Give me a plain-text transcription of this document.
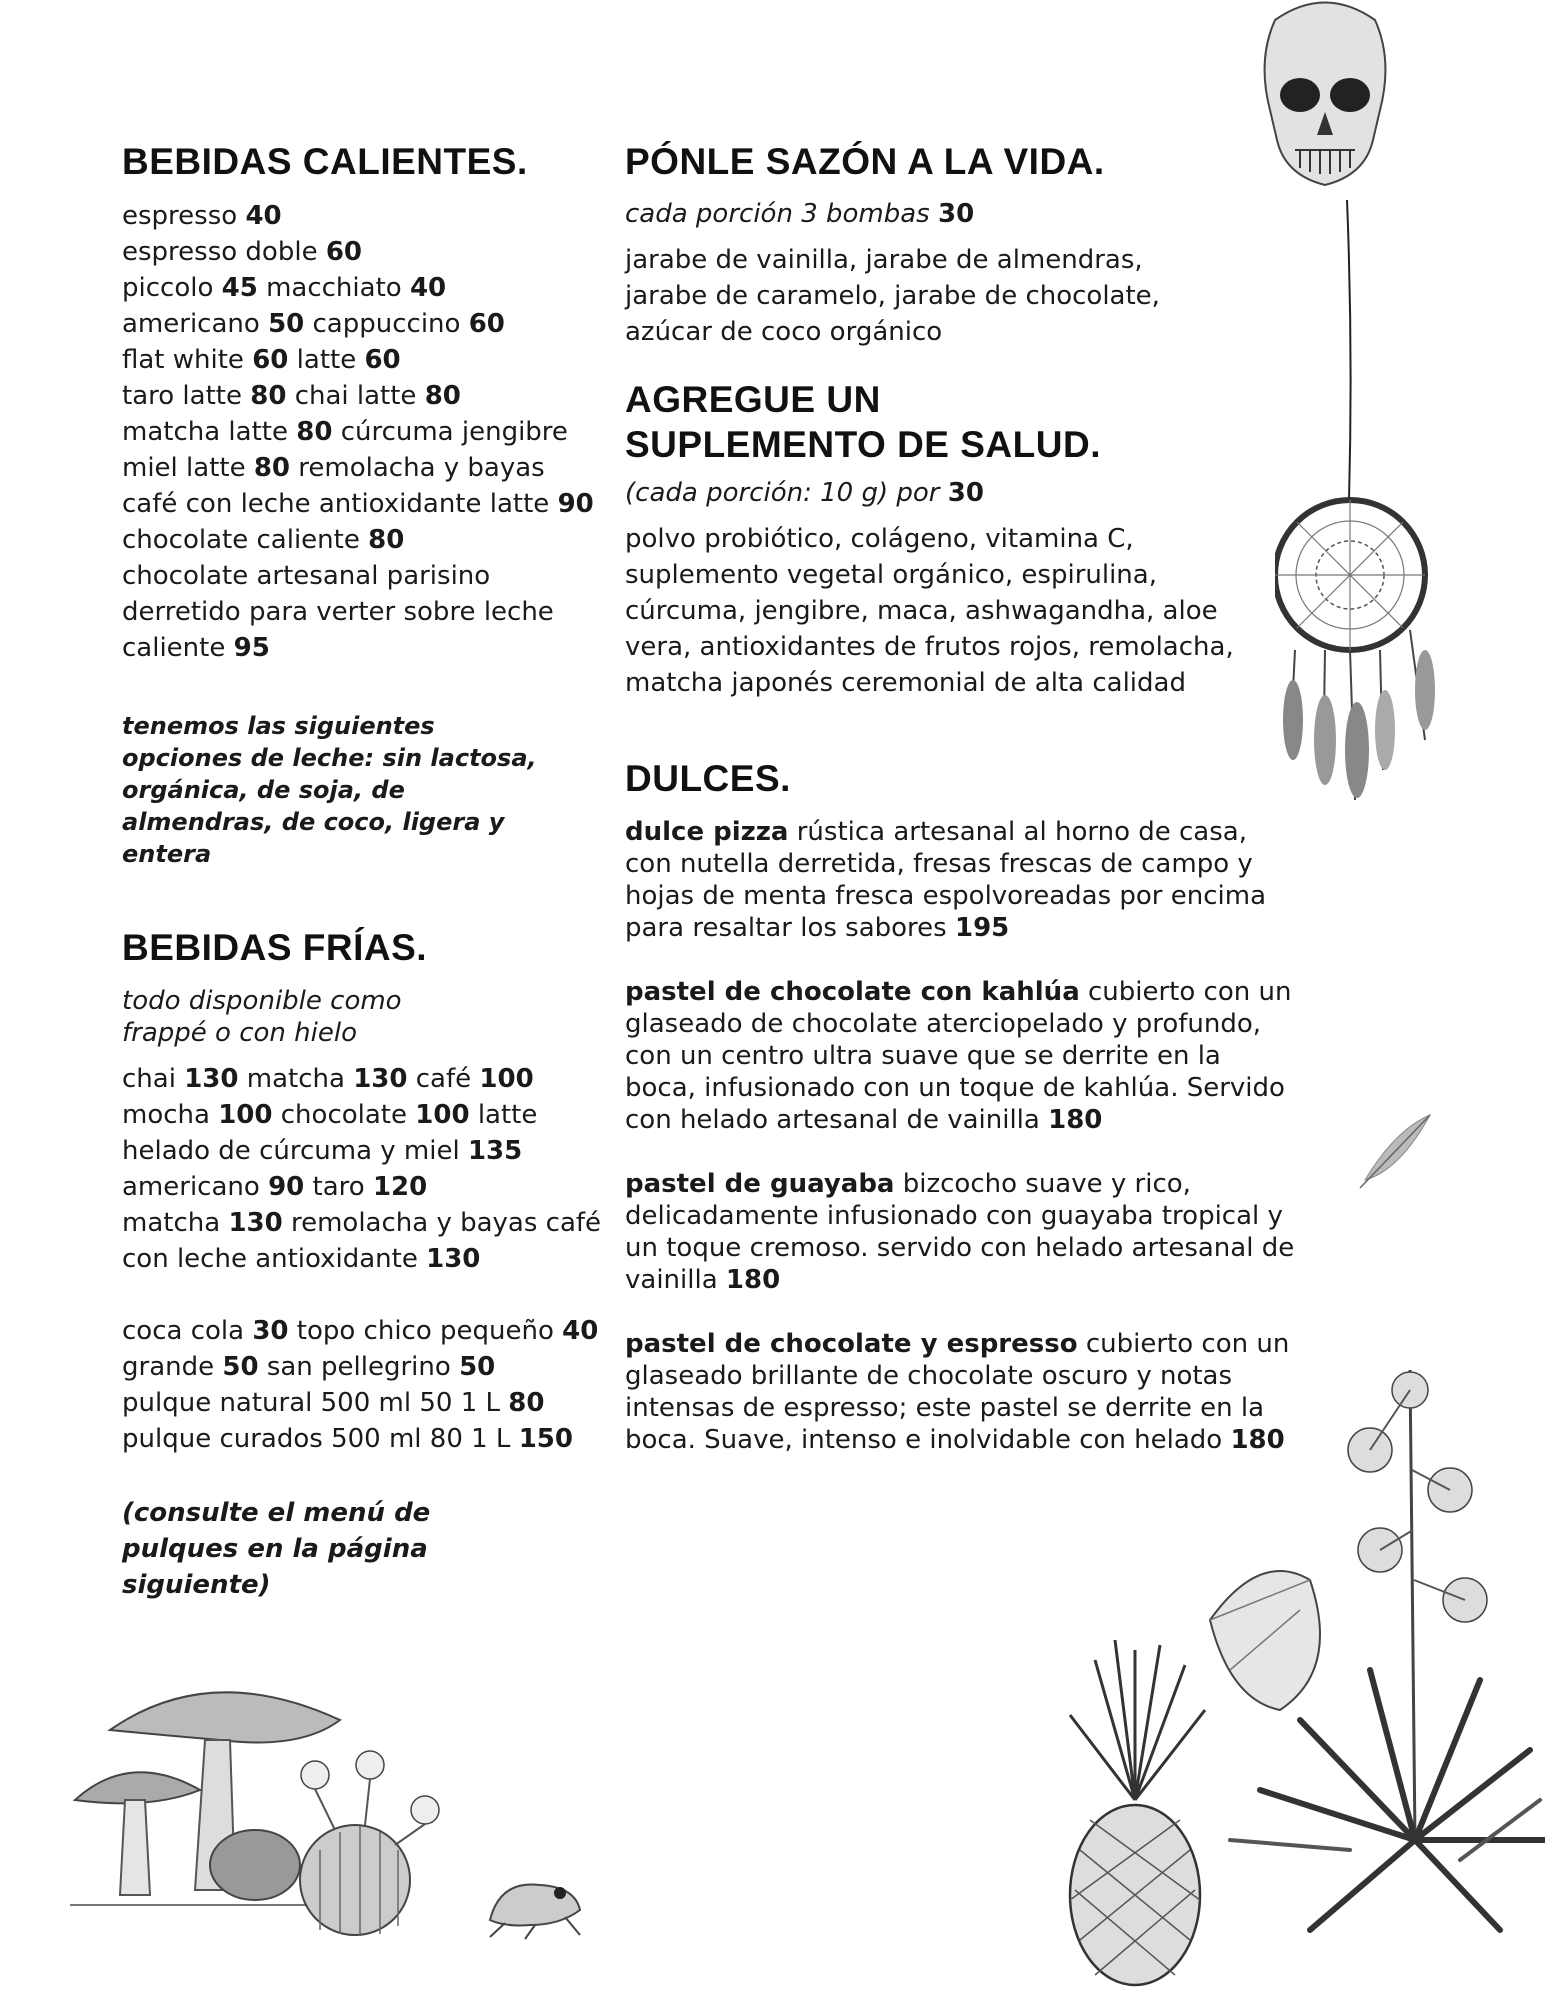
BEBIDAS CALIENTES.

espresso 40
espresso doble 60
piccolo 45 macchiato 40
americano 50 cappuccino 60
flat white 60 latte 60
taro latte 80 chai latte 80
matcha latte 80 cúrcuma jengibre miel latte 80 remolacha y bayas café con leche antioxidante latte 90
chocolate caliente 80
chocolate artesanal parisino derretido para verter sobre leche caliente 95

tenemos las siguientes opciones de leche: sin lactosa, orgánica, de soja, de almendras, de coco, ligera y entera

BEBIDAS FRÍAS.

todo disponible como
frappé o con hielo

chai 130 matcha 130 café 100 mocha 100 chocolate 100 latte helado de cúrcuma y miel 135
americano 90 taro 120
matcha 130 remolacha y bayas café con leche antioxidante 130

coca cola 30 topo chico pequeño 40 grande 50 san pellegrino 50
pulque natural 500 ml 50 1 L 80
pulque curados 500 ml 80 1 L 150

(consulte el menú de pulques en la página siguiente)

PÓNLE SAZÓN A LA VIDA.

cada porción 3 bombas 30

jarabe de vainilla, jarabe de almendras, jarabe de caramelo, jarabe de chocolate, azúcar de coco orgánico

AGREGUE UN
SUPLEMENTO DE SALUD.

(cada porción: 10 g) por 30

polvo probiótico, colágeno, vitamina C, suplemento vegetal orgánico, espirulina, cúrcuma, jengibre, maca, ashwagandha, aloe vera, antioxidantes de frutos rojos, remolacha, matcha japonés ceremonial de alta calidad

DULCES.

dulce pizza rústica artesanal al horno de casa, con nutella derretida, fresas frescas de campo y hojas de menta fresca espolvoreadas por encima para resaltar los sabores 195

pastel de chocolate con kahlúa cubierto con un glaseado de chocolate aterciopelado y profundo, con un centro ultra suave que se derrite en la boca, infusionado con un toque de kahlúa. Servido con helado artesanal de vainilla 180

pastel de guayaba bizcocho suave y rico, delicadamente infusionado con guayaba tropical y un toque cremoso. servido con helado artesanal de vainilla 180

pastel de chocolate y espresso cubierto con un glaseado brillante de chocolate oscuro y notas intensas de espresso; este pastel se derrite en la boca. Suave, intenso e inolvidable con helado 180
